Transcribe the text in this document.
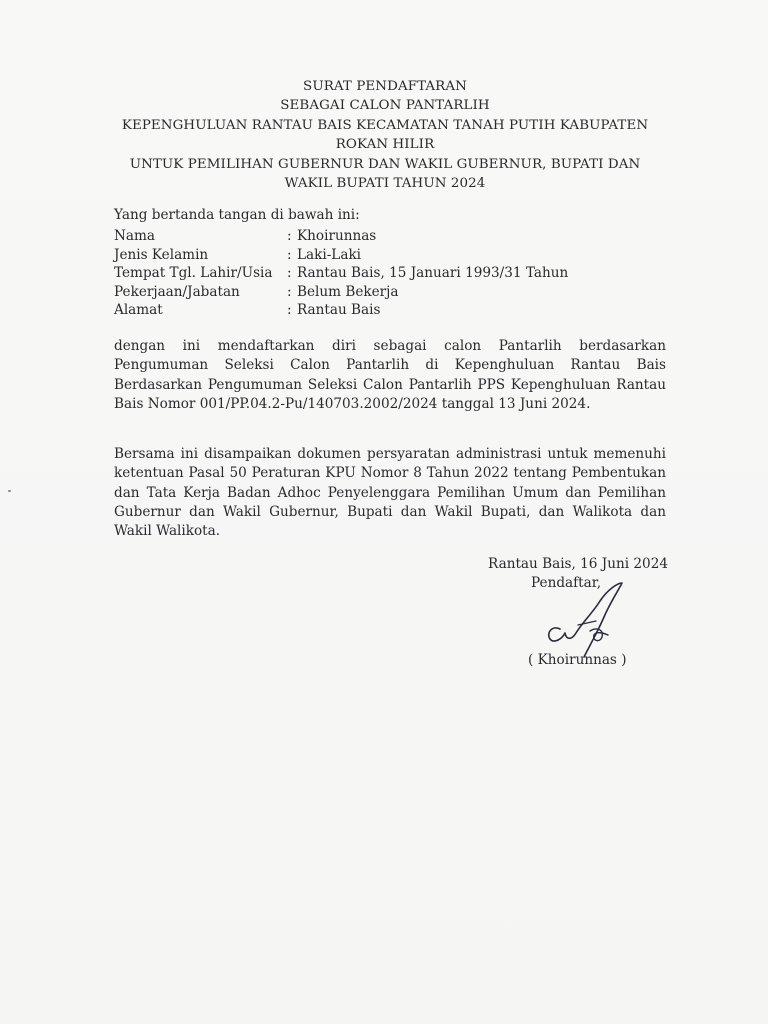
SURAT PENDAFTARAN
SEBAGAI CALON PANTARLIH
KEPENGHULUAN RANTAU BAIS KECAMATAN TANAH PUTIH KABUPATEN
ROKAN HILIR
UNTUK PEMILIHAN GUBERNUR DAN WAKIL GUBERNUR, BUPATI DAN
WAKIL BUPATI TAHUN 2024
Yang bertanda tangan di bawah ini:
Nama	: Khoirunnas
Jenis Kelamin	: Laki-Laki
Tempat Tgl. Lahir/Usia	: Rantau Bais, 15 Januari 1993/31 Tahun
Pekerjaan/Jabatan	: Belum Bekerja
Alamat	: Rantau Bais
dengan ini mendaftarkan diri sebagai calon Pantarlih berdasarkan Pengumuman Seleksi Calon Pantarlih di Kepenghuluan Rantau Bais Berdasarkan Pengumuman Seleksi Calon Pantarlih PPS Kepenghuluan Rantau Bais Nomor 001/PP.04.2-Pu/140703.2002/2024 tanggal 13 Juni 2024.
Bersama ini disampaikan dokumen persyaratan administrasi untuk memenuhi ketentuan Pasal 50 Peraturan KPU Nomor 8 Tahun 2022 tentang Pembentukan dan Tata Kerja Badan Adhoc Penyelenggara Pemilihan Umum dan Pemilihan Gubernur dan Wakil Gubernur, Bupati dan Wakil Bupati, dan Walikota dan Wakil Walikota.
Rantau Bais, 16 Juni 2024
Pendaftar,
( Khoirunnas )
